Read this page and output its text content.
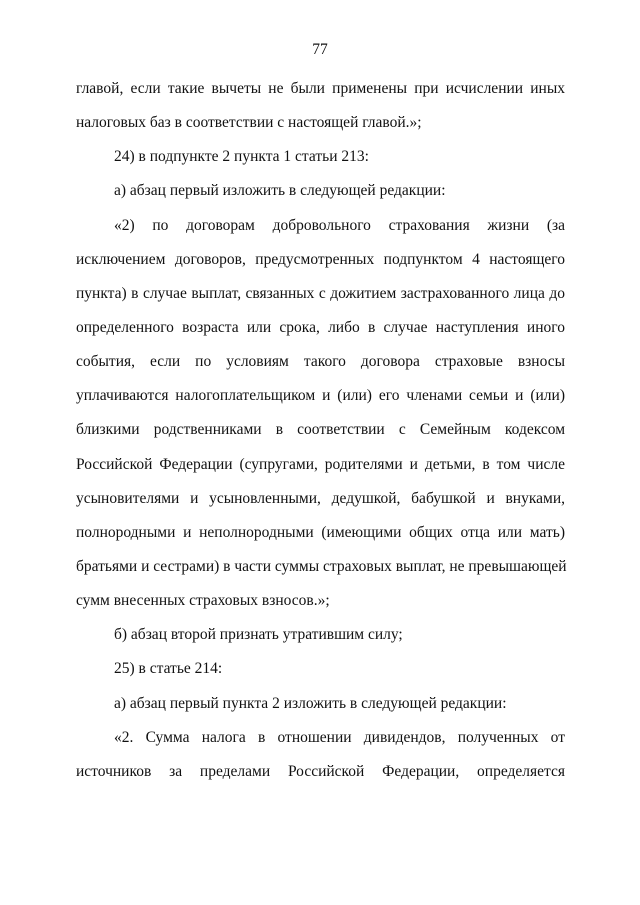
77
главой, если такие вычеты не были применены при исчислении иных
налоговых баз в соответствии с настоящей главой.»;
24) в подпункте 2 пункта 1 статьи 213:
а) абзац первый изложить в следующей редакции:
«2) по договорам добровольного страхования жизни (за
исключением договоров, предусмотренных подпунктом 4 настоящего
пункта) в случае выплат, связанных с дожитием застрахованного лица до
определенного возраста или срока, либо в случае наступления иного
события, если по условиям такого договора страховые взносы
уплачиваются налогоплательщиком и (или) его членами семьи и (или)
близкими родственниками в соответствии с Семейным кодексом
Российской Федерации (супругами, родителями и детьми, в том числе
усыновителями и усыновленными, дедушкой, бабушкой и внуками,
полнородными и неполнородными (имеющими общих отца или мать)
братьями и сестрами) в части суммы страховых выплат, не превышающей
сумм внесенных страховых взносов.»;
б) абзац второй признать утратившим силу;
25) в статье 214:
а) абзац первый пункта 2 изложить в следующей редакции:
«2. Сумма налога в отношении дивидендов, полученных от
источников за пределами Российской Федерации, определяется
